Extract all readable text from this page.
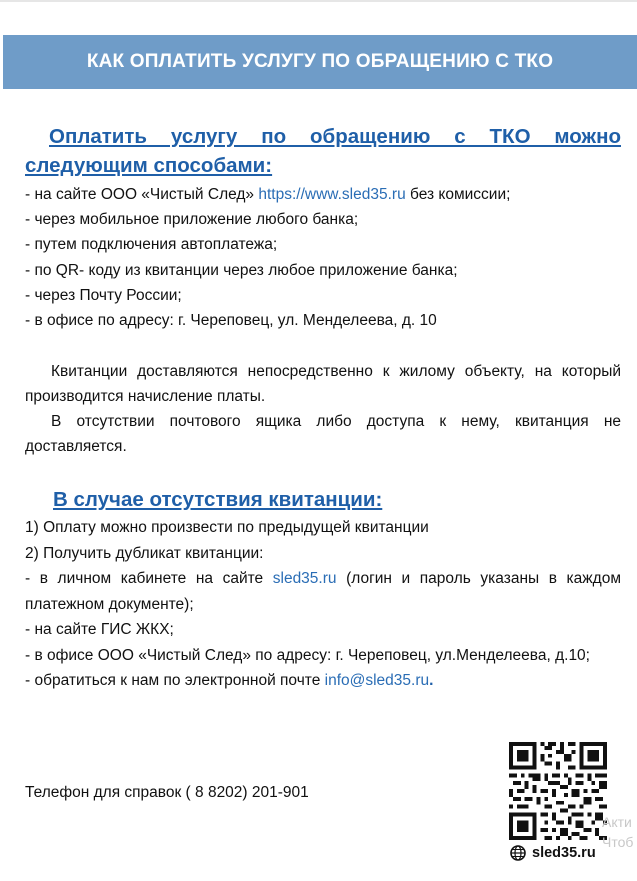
КАК ОПЛАТИТЬ УСЛУГУ ПО ОБРАЩЕНИЮ С ТКО

Оплатить услугу по обращению с ТКО можно следующим способами:

- на сайте ООО «Чистый След» https://www.sled35.ru без комиссии;
- через мобильное приложение любого банка;
- путем подключения автоплатежа;
- по QR- коду из квитанции через любое приложение банка;
- через Почту России;
- в офисе по адресу: г. Череповец, ул. Менделеева, д. 10

Квитанции доставляются непосредственно к жилому объекту, на который производится начисление платы.

В отсутствии почтового ящика либо доступа к нему, квитанция не доставляется.

В случае отсутствия квитанции:

1) Оплату можно произвести по предыдущей квитанции

2) Получить дубликат квитанции:

- в личном кабинете на сайте sled35.ru (логин и пароль указаны в каждом платежном документе);

- на сайте ГИС ЖКХ;

- в офисе ООО «Чистый След» по адресу: г. Череповец, ул.Менделеева, д.10;

- обратиться к нам по электронной почте info@sled35.ru.

Телефон для справок ( 8 8202) 201-901
sled35.ru
Акти
Чтоб
